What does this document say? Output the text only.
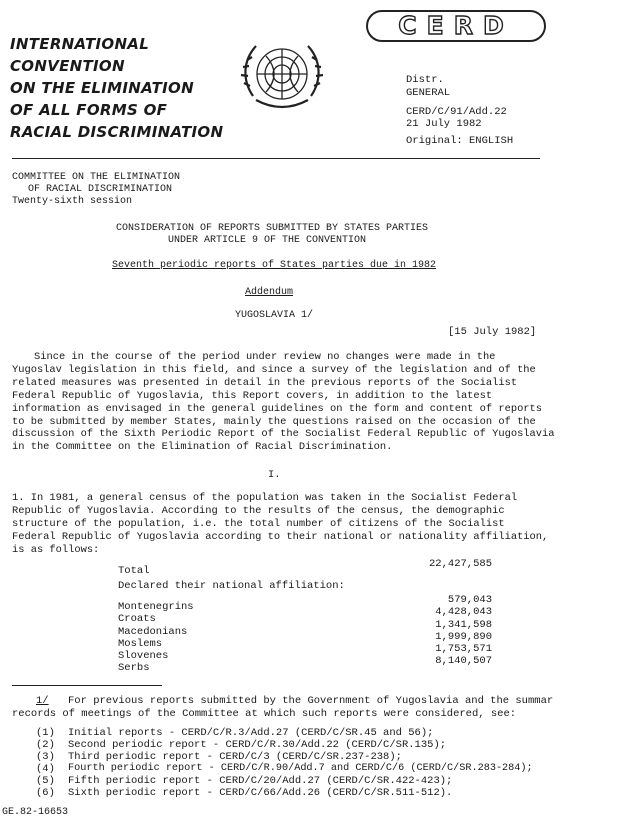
INTERNATIONAL
CONVENTION
ON THE ELIMINATION
OF ALL FORMS OF
RACIAL DISCRIMINATION
CERD
Distr.
GENERAL
CERD/C/91/Add.22
21 July 1982
Original: ENGLISH
COMMITTEE ON THE ELIMINATION
OF RACIAL DISCRIMINATION
Twenty-sixth session
CONSIDERATION OF REPORTS SUBMITTED BY STATES PARTIES
UNDER ARTICLE 9 OF THE CONVENTION
Seventh periodic reports of States parties due in 1982
Addendum
YUGOSLAVIA 1/
[15 July 1982]
Since in the course of the period under review no changes were made in the
Yugoslav legislation in this field, and since a survey of the legislation and of the
related measures was presented in detail in the previous reports of the Socialist
Federal Republic of Yugoslavia, this Report covers, in addition to the latest
information as envisaged in the general guidelines on the form and content of reports
to be submitted by member States, mainly the questions raised on the occasion of the
discussion of the Sixth Periodic Report of the Socialist Federal Republic of Yugoslavia
in the Committee on the Elimination of Racial Discrimination.
I.
1. In 1981, a general census of the population was taken in the Socialist Federal
Republic of Yugoslavia. According to the results of the census, the demographic
structure of the population, i.e. the total number of citizens of the Socialist
Federal Republic of Yugoslavia according to their national or nationality affiliation,
is as follows:
Total
22,427,585
Declared their national affiliation:
Montenegrins
579,043
Croats
4,428,043
Macedonians
1,341,598
Moslems
1,999,890
Slovenes
1,753,571
Serbs
8,140,507
1/ For previous reports submitted by the Government of Yugoslavia and the summar
records of meetings of the Committee at which such reports were considered, see:
(1) Initial reports - CERD/C/R.3/Add.27 (CERD/C/SR.45 and 56);
(2) Second periodic report - CERD/C/R.30/Add.22 (CERD/C/SR.135);
(3) Third periodic report - CERD/C/3 (CERD/C/SR.237-238);
(4) Fourth periodic report - CERD/C/R.90/Add.7 and CERD/C/6 (CERD/C/SR.283-284);
(5) Fifth periodic report - CERD/C/20/Add.27 (CERD/C/SR.422-423);
(6) Sixth periodic report - CERD/C/66/Add.26 (CERD/C/SR.511-512).
GE.82-16653
